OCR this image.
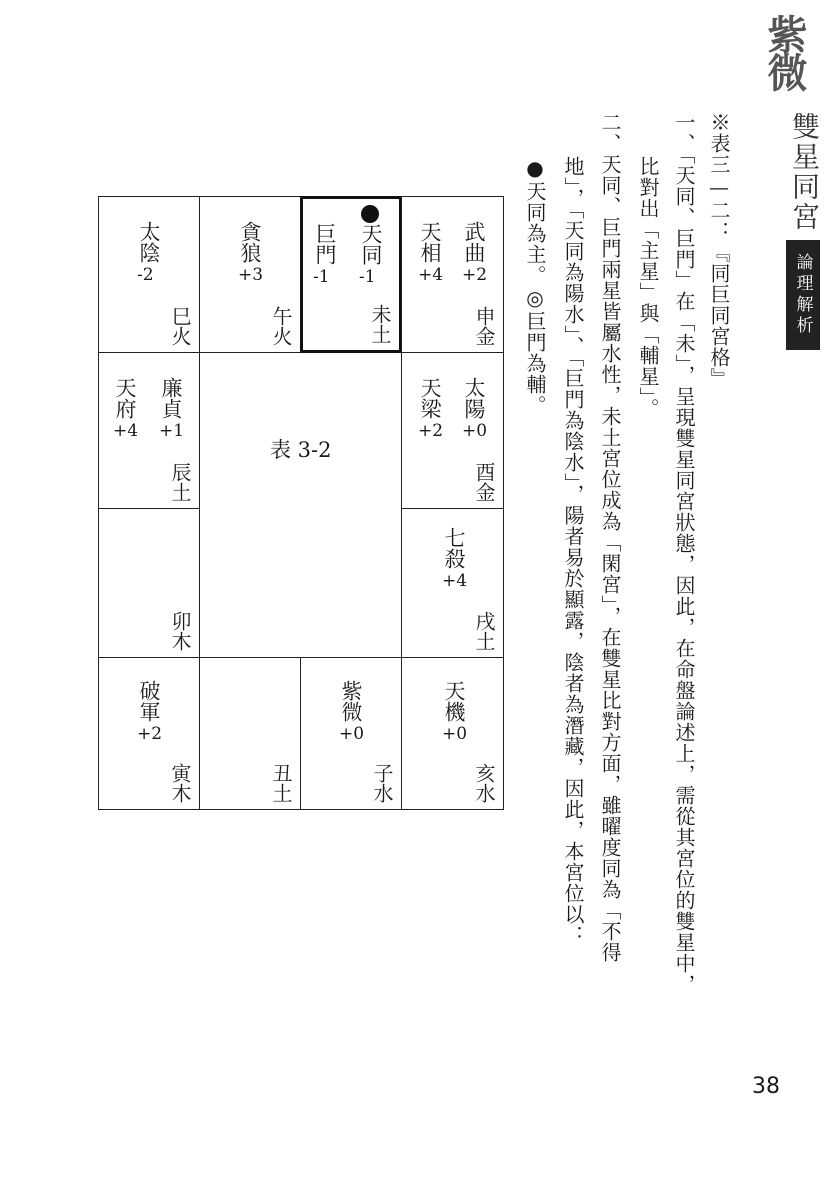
紫微
雙星同宮
論理解析
※表三—二：『同巨同宮格』
一、「天同、巨門」在「未」，呈現雙星同宮狀態，因此，在命盤論述上，需從其宮位的雙星中，
比對出「主星」與「輔星」。
二、天同、巨門兩星皆屬水性，未土宮位成為「閑宮」，在雙星比對方面，雖曜度同為「不得
地」，「天同為陽水」、「巨門為陰水」，陽者易於顯露，陰者為潛藏，因此，本宮位以：
●天同為主。◎巨門為輔。
太陰
-2
巳火
貪狼
+3
午火
天同
-1
巨門
-1
未土
武曲
+2
天相
+4
申金
廉貞
+1
天府
+4
辰土
表 3-2
太陽
+0
天梁
+2
酉金
卯木
七殺
+4
戌土
破軍
+2
寅木	丑土
紫微
+0
子水
天機
+0
亥水
38
